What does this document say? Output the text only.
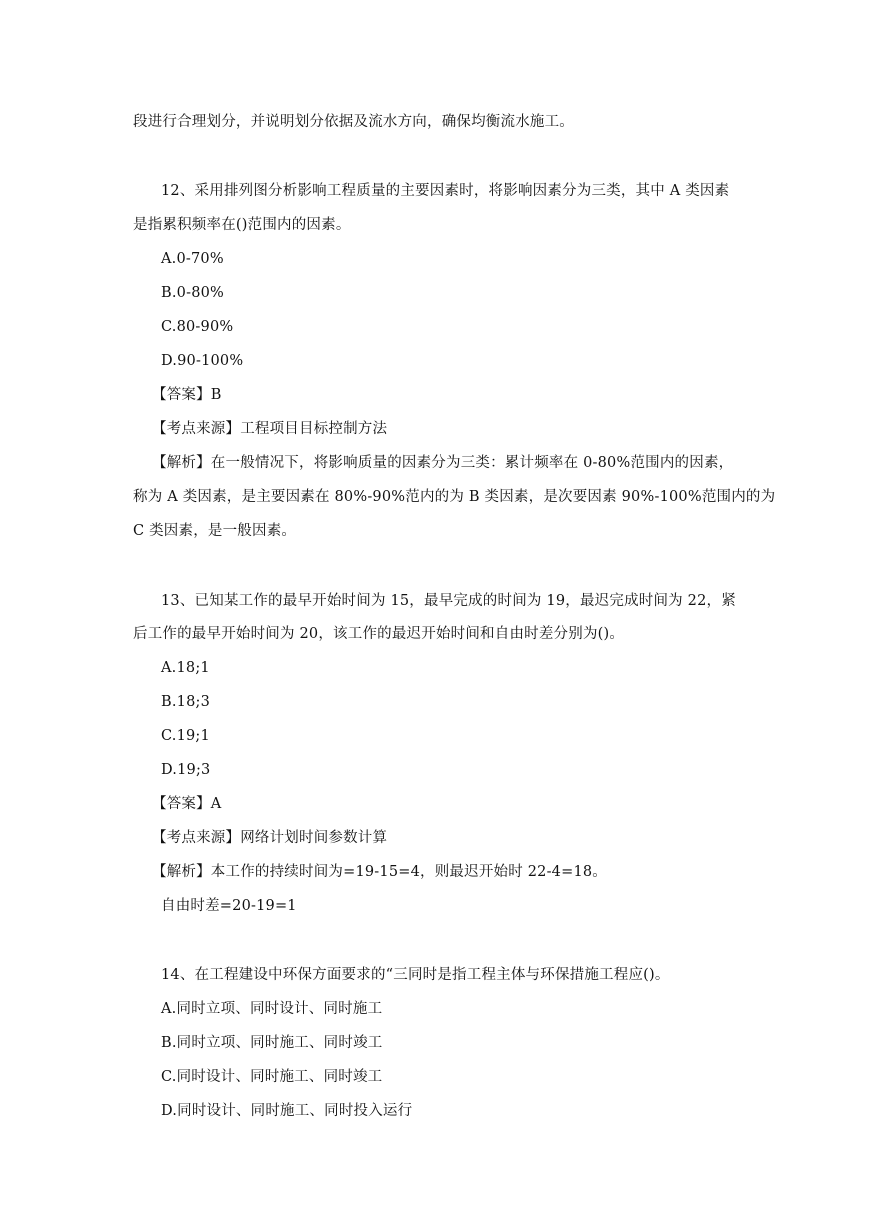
段进行合理划分，并说明划分依据及流水方向，确保均衡流水施工。
12、采用排列图分析影响工程质量的主要因素时，将影响因素分为三类，其中 A 类因素
是指累积频率在()范围内的因素。
A.0-70%
B.0-80%
C.80-90%
D.90-100%
【答案】B
【考点来源】工程项目目标控制方法
【解析】在一般情况下，将影响质量的因素分为三类：累计频率在 0-80%范围内的因素，
称为 A 类因素，是主要因素在 80%-90%范内的为 B 类因素，是次要因素 90%-100%范围内的为
C 类因素，是一般因素。
13、已知某工作的最早开始时间为 15，最早完成的时间为 19，最迟完成时间为 22，紧
后工作的最早开始时间为 20，该工作的最迟开始时间和自由时差分别为()。
A.18;1
B.18;3
C.19;1
D.19;3
【答案】A
【考点来源】网络计划时间参数计算
【解析】本工作的持续时间为=19-15=4，则最迟开始时 22-4=18。
自由时差=20-19=1
14、在工程建设中环保方面要求的“三同时是指工程主体与环保措施工程应()。
A.同时立项、同时设计、同时施工
B.同时立项、同时施工、同时竣工
C.同时设计、同时施工、同时竣工
D.同时设计、同时施工、同时投入运行
